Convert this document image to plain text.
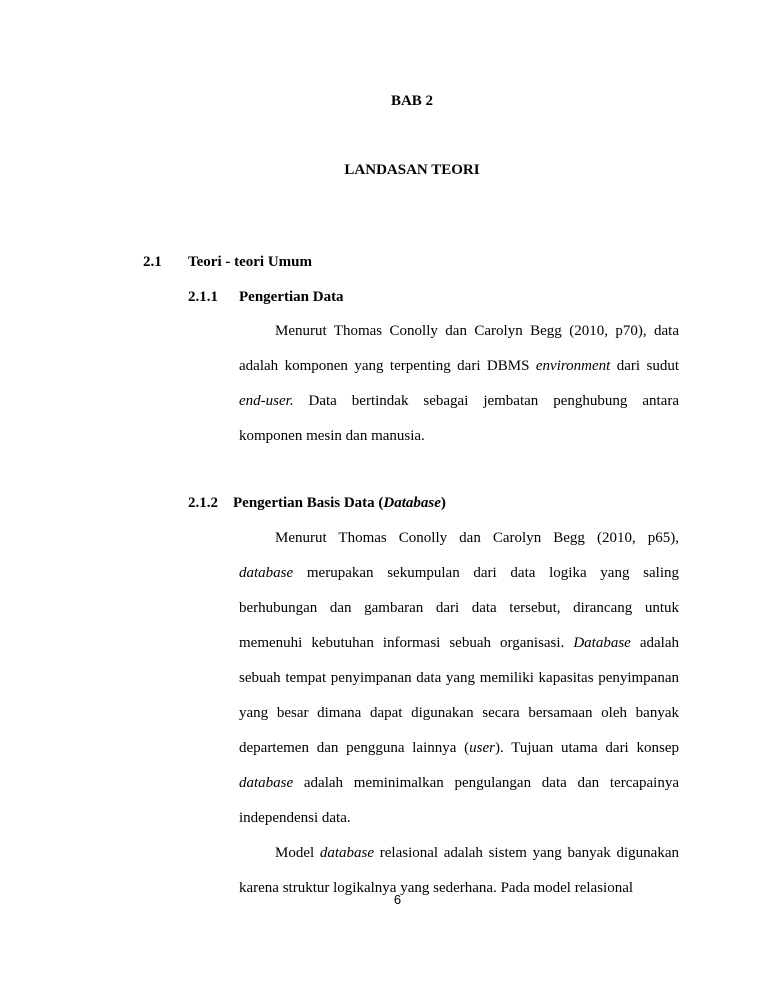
BAB 2

LANDASAN TEORI

2.1 Teori - teori Umum

2.1.1 Pengertian Data

Menurut Thomas Conolly dan Carolyn Begg (2010, p70), data

adalah komponen yang terpenting dari DBMS environment dari sudut

end-user. Data bertindak sebagai jembatan penghubung antara

komponen mesin dan manusia.

2.1.2 Pengertian Basis Data (Database)

Menurut Thomas Conolly dan Carolyn Begg (2010, p65),

database merupakan sekumpulan dari data logika yang saling

berhubungan dan gambaran dari data tersebut, dirancang untuk

memenuhi kebutuhan informasi sebuah organisasi. Database adalah

sebuah tempat penyimpanan data yang memiliki kapasitas penyimpanan

yang besar dimana dapat digunakan secara bersamaan oleh banyak

departemen dan pengguna lainnya (user). Tujuan utama dari konsep

database adalah meminimalkan pengulangan data dan tercapainya

independensi data.

Model database relasional adalah sistem yang banyak digunakan

karena struktur logikalnya yang sederhana. Pada model relasional

6
